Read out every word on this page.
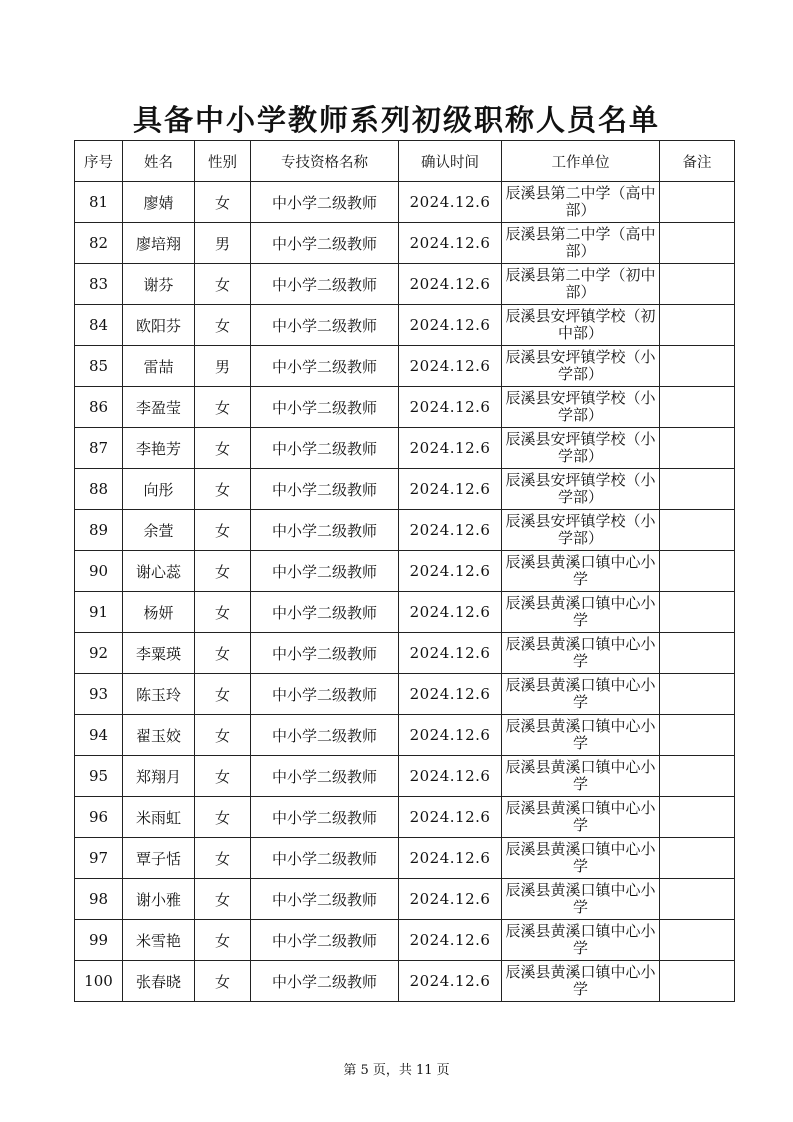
具备中小学教师系列初级职称人员名单
序号	姓名	性别	专技资格名称	确认时间	工作单位	备注
81	廖婧	女	中小学二级教师	2024.12.6	辰溪县第二中学（高中部）	
82	廖培翔	男	中小学二级教师	2024.12.6	辰溪县第二中学（高中部）	
83	谢芬	女	中小学二级教师	2024.12.6	辰溪县第二中学（初中部）	
84	欧阳芬	女	中小学二级教师	2024.12.6	辰溪县安坪镇学校（初中部）	
85	雷喆	男	中小学二级教师	2024.12.6	辰溪县安坪镇学校（小学部）	
86	李盈莹	女	中小学二级教师	2024.12.6	辰溪县安坪镇学校（小学部）	
87	李艳芳	女	中小学二级教师	2024.12.6	辰溪县安坪镇学校（小学部）	
88	向彤	女	中小学二级教师	2024.12.6	辰溪县安坪镇学校（小学部）	
89	余萱	女	中小学二级教师	2024.12.6	辰溪县安坪镇学校（小学部）	
90	谢心蕊	女	中小学二级教师	2024.12.6	辰溪县黄溪口镇中心小学	
91	杨妍	女	中小学二级教师	2024.12.6	辰溪县黄溪口镇中心小学	
92	李粟瑛	女	中小学二级教师	2024.12.6	辰溪县黄溪口镇中心小学	
93	陈玉玲	女	中小学二级教师	2024.12.6	辰溪县黄溪口镇中心小学	
94	翟玉姣	女	中小学二级教师	2024.12.6	辰溪县黄溪口镇中心小学	
95	郑翔月	女	中小学二级教师	2024.12.6	辰溪县黄溪口镇中心小学	
96	米雨虹	女	中小学二级教师	2024.12.6	辰溪县黄溪口镇中心小学	
97	覃子恬	女	中小学二级教师	2024.12.6	辰溪县黄溪口镇中心小学	
98	谢小雅	女	中小学二级教师	2024.12.6	辰溪县黄溪口镇中心小学	
99	米雪艳	女	中小学二级教师	2024.12.6	辰溪县黄溪口镇中心小学	
100	张春晓	女	中小学二级教师	2024.12.6	辰溪县黄溪口镇中心小学	
第 5 页，共 11 页
